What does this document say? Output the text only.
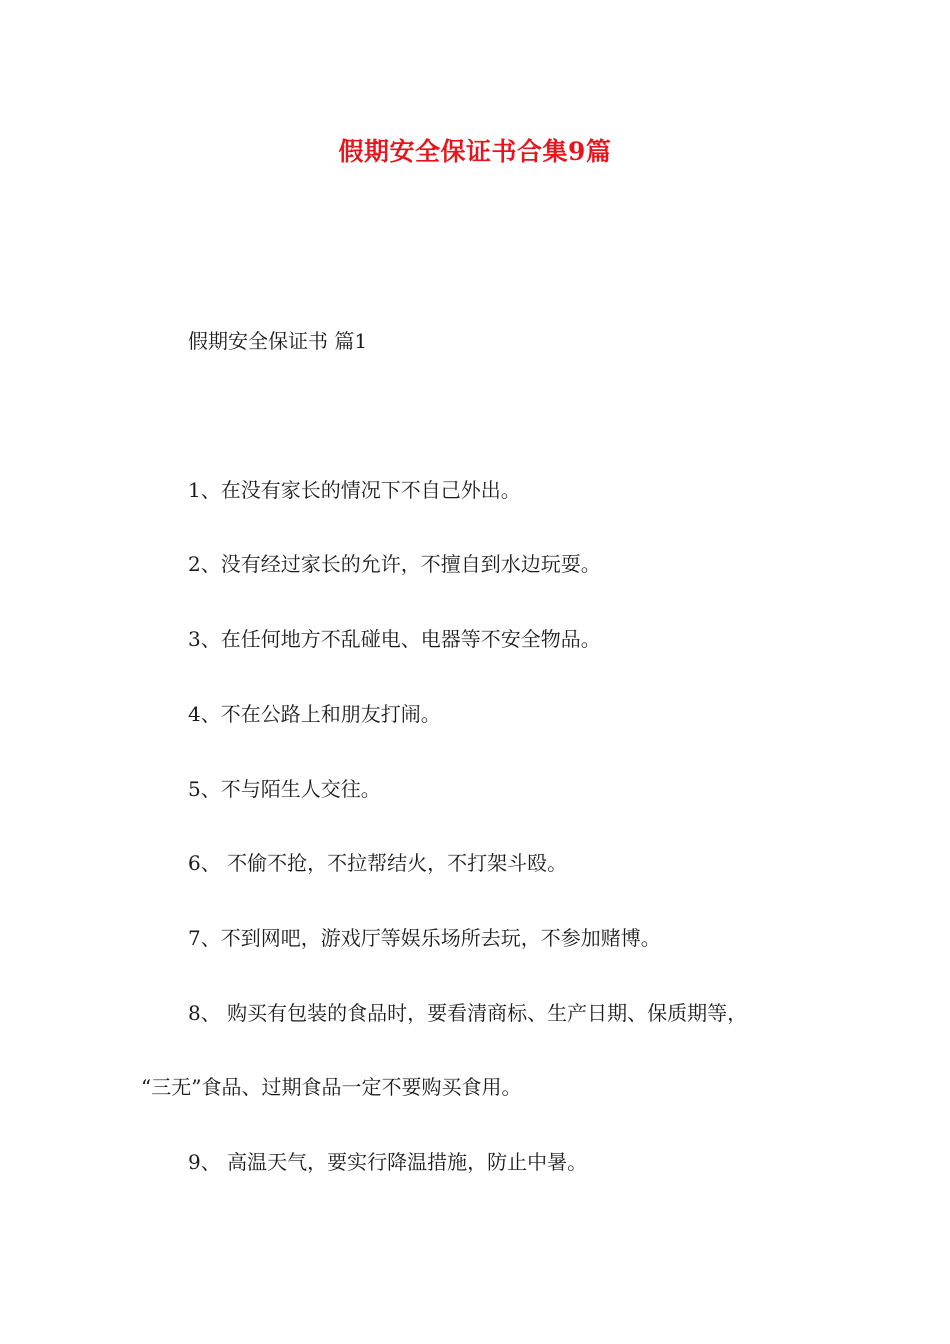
假期安全保证书合集9篇
假期安全保证书 篇1
1、在没有家长的情况下不自己外出。
2、没有经过家长的允许，不擅自到水边玩耍。
3、在任何地方不乱碰电、电器等不安全物品。
4、不在公路上和朋友打闹。
5、不与陌生人交往。
6、 不偷不抢，不拉帮结火，不打架斗殴。
7、不到网吧，游戏厅等娱乐场所去玩，不参加赌博。
8、 购买有包装的食品时，要看清商标、生产日期、保质期等，
“三无”食品、过期食品一定不要购买食用。
9、 高温天气，要实行降温措施，防止中暑。
